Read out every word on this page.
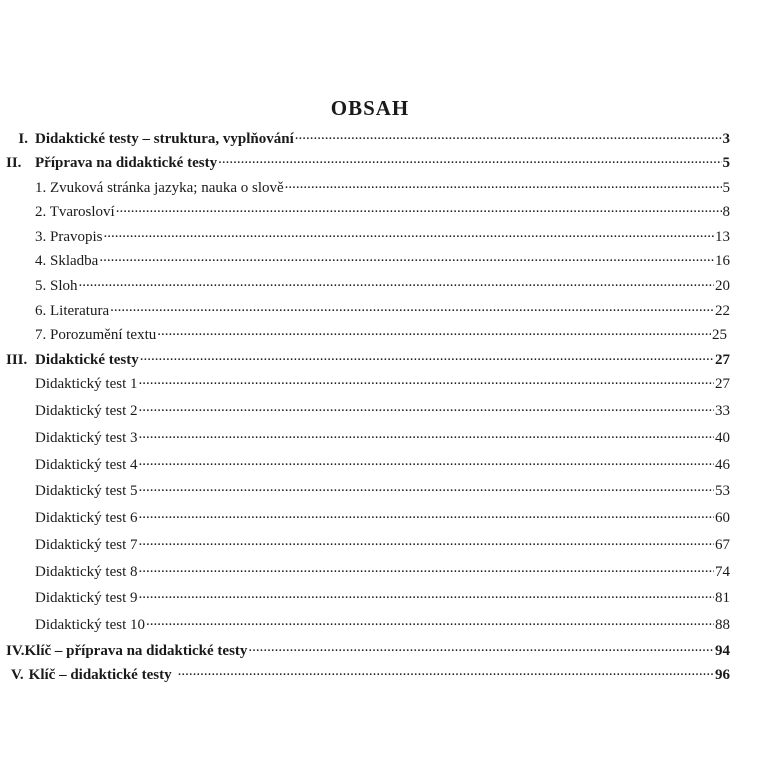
OBSAH
I. Didaktické testy – struktura, vyplňování .....	3
II. Příprava na didaktické testy .....	5
1. Zvuková stránka jazyka; nauka o slově .....	5
2. Tvarosloví .....	8
3. Pravopis .....	13
4. Skladba .....	16
5. Sloh .....	20
6. Literatura .....	22
7. Porozumění textu .....	25
III. Didaktické testy .....	27
Didaktický test 1 .....	27
Didaktický test 2 .....	33
Didaktický test 3 .....	40
Didaktický test 4 .....	46
Didaktický test 5 .....	53
Didaktický test 6 .....	60
Didaktický test 7 .....	67
Didaktický test 8 .....	74
Didaktický test 9 .....	81
Didaktický test 10 .....	88
IV. Klíč – příprava na didaktické testy .....	94
V. Klíč – didaktické testy .....	96
